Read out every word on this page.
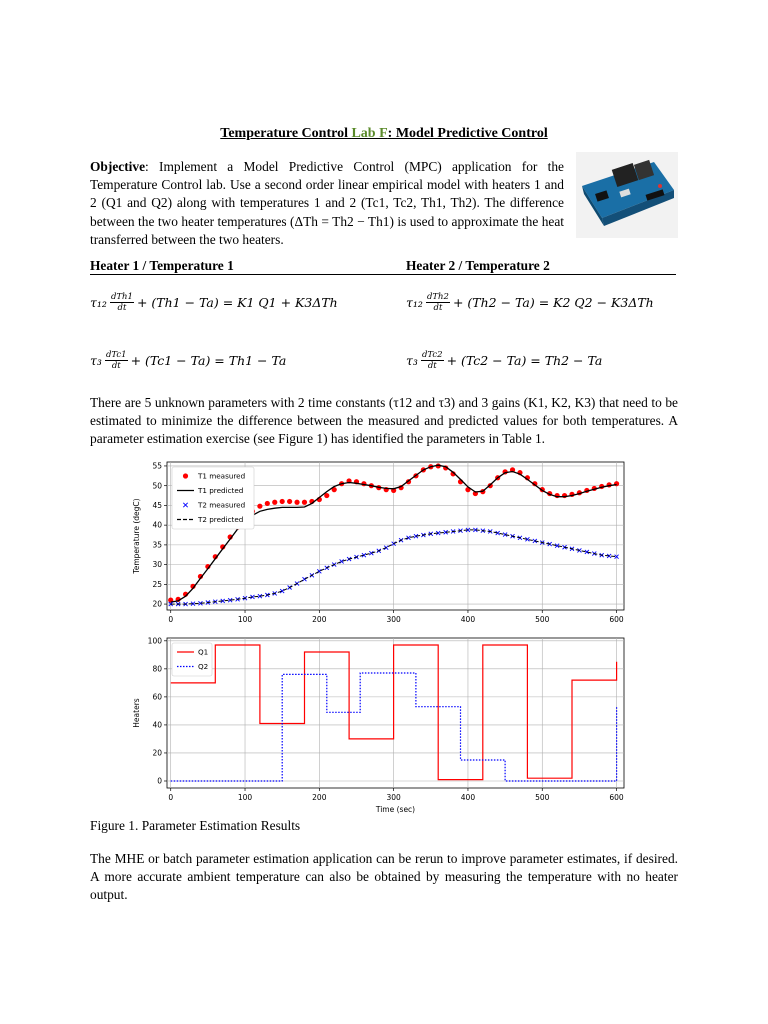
Temperature Control Lab F: Model Predictive Control
Objective: Implement a Model Predictive Control (MPC) application for the Temperature Control lab. Use a second order linear empirical model with heaters 1 and 2 (Q1 and Q2) along with temperatures 1 and 2 (Tc1, Tc2, Th1, Th2). The difference between the two heater temperatures (ΔTh = Th2 − Th1) is used to approximate the heat transferred between the two heaters.
Heater 1 / Temperature 1	Heater 2 / Temperature 2
$\tau_{12} \frac{\text{dTh1}}{dt} + (Th1 - Ta) = K1$ Q1 + K3ΔTh	$\tau_{12} \frac{\text{dTh2}}{dt} + (Th2 - Ta) = K2$ Q2 − K3ΔTh
$\tau_3 \frac{\text{dTc1}}{dt} + (Tc1 - Ta) = Th1 - Ta$	$\tau_3 \frac{\text{dTc2}}{dt} + (Tc2 - Ta) = Th2 - Ta$
There are 5 unknown parameters with 2 time constants (τ12 and τ3) and 3 gains (K1, K2, K3) that need to be estimated to minimize the difference between the measured and predicted values for both temperatures. A parameter estimation exercise (see Figure 1) has identified the parameters in Table 1.
0	100	200	300	400	500	600
20
25
30
35
40
45
50
55
Temperature (degC)
T1 measured
T1 predicted
T2 measured
T2 predicted
0	100	200	300	400	500	600
0
20
40
60
80
100
Heaters
Time (sec)
Q1
Q2
Figure 1. Parameter Estimation Results
The MHE or batch parameter estimation application can be rerun to improve parameter estimates, if desired. A more accurate ambient temperature can also be obtained by measuring the temperature with no heater output.
